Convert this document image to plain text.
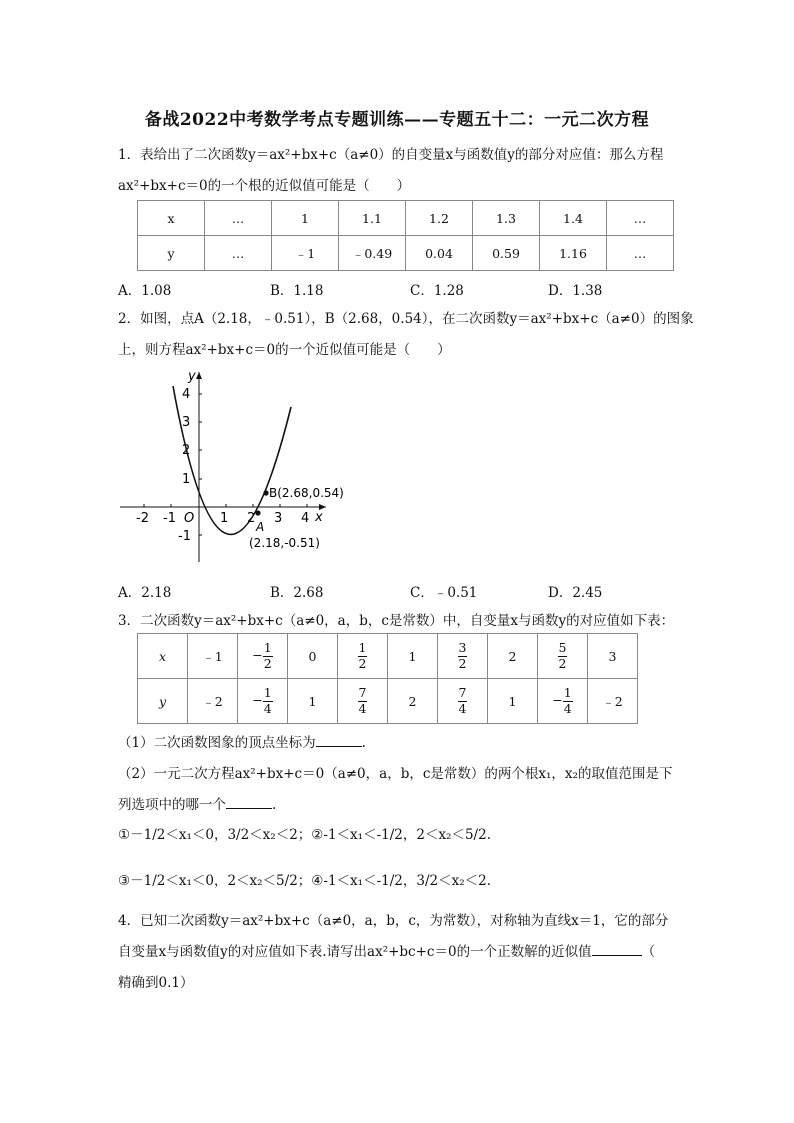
备战2022中考数学考点专题训练——专题五十二：一元二次方程
1．表给出了二次函数y＝ax²+bx+c（a≠0）的自变量x与函数值y的部分对应值：那么方程
ax²+bx+c＝0的一个根的近似值可能是（　　）
x	…	1	1.1	1.2	1.3	1.4	…
y	…	﹣1	﹣0.49	0.04	0.59	1.16	…
A．1.08	B．1.18	C．1.28	D．1.38
2．如图，点A（2.18，﹣0.51），B（2.68，0.54），在二次函数y＝ax²+bx+c（a≠0）的图象
上，则方程ax²+bx+c＝0的一个近似值可能是（　　）
-2 -1 O 1 2 3 4 x
4
3
2
1
-1
y
B(2.68,0.54)
A
(2.18,-0.51)
A．2.18	B．2.68	C．﹣0.51	D．2.45
3．二次函数y＝ax²+bx+c（a≠0，a，b，c是常数）中，自变量x与函数y的对应值如下表：
x	﹣1	− $\frac{1}{2}$	0	$\frac{1}{2}$	1	$\frac{3}{2}$	2	$\frac{5}{2}$	3
y	﹣2	− $\frac{1}{4}$	1	$\frac{7}{4}$	2	$\frac{7}{4}$	1	− $\frac{1}{4}$	﹣2
（1）二次函数图象的顶点坐标为	.
（2）一元二次方程ax²+bx+c＝0（a≠0，a，b，c是常数）的两个根x₁，x₂的取值范围是下
列选项中的哪一个	.
①－1/2＜x₁＜0，3/2＜x₂＜2；②-1＜x₁＜-1/2，2＜x₂＜5/2.
③－1/2＜x₁＜0，2＜x₂＜5/2；④-1＜x₁＜-1/2，3/2＜x₂＜2.
4．已知二次函数y＝ax²+bx+c（a≠0，a，b，c，为常数），对称轴为直线x＝1，它的部分
自变量x与函数值y的对应值如下表.请写出ax²+bc+c＝0的一个正数解的近似值	（
精确到0.1）
